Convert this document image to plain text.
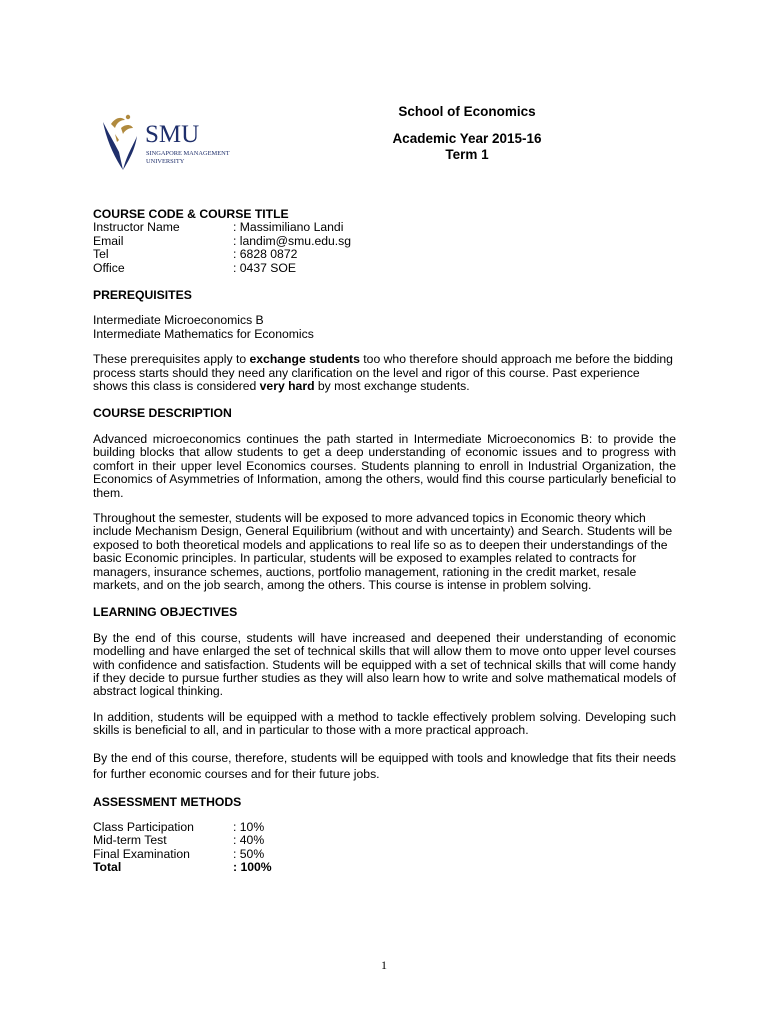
SMU
SINGAPORE MANAGEMENT
UNIVERSITY
School of Economics
Academic Year 2015-16
Term 1
COURSE CODE & COURSE TITLE
Instructor Name	: Massimiliano Landi
Email	: landim@smu.edu.sg
Tel	: 6828 0872
Office	: 0437 SOE
PREREQUISITES

Intermediate Microeconomics B

Intermediate Mathematics for Economics

These prerequisites apply to exchange students too who therefore should approach me before the bidding process starts should they need any clarification on the level and rigor of this course. Past experience shows this class is considered very hard by most exchange students.

COURSE DESCRIPTION

Advanced microeconomics continues the path started in Intermediate Microeconomics B: to provide the building blocks that allow students to get a deep understanding of economic issues and to progress with comfort in their upper level Economics courses. Students planning to enroll in Industrial Organization, the Economics of Asymmetries of Information, among the others, would find this course particularly beneficial to them.

Throughout the semester, students will be exposed to more advanced topics in Economic theory which include Mechanism Design, General Equilibrium (without and with uncertainty) and Search. Students will be exposed to both theoretical models and applications to real life so as to deepen their understandings of the basic Economic principles. In particular, students will be exposed to examples related to contracts for managers, insurance schemes, auctions, portfolio management, rationing in the credit market, resale markets, and on the job search, among the others. This course is intense in problem solving.

LEARNING OBJECTIVES

By the end of this course, students will have increased and deepened their understanding of economic modelling and have enlarged the set of technical skills that will allow them to move onto upper level courses with confidence and satisfaction. Students will be equipped with a set of technical skills that will come handy if they decide to pursue further studies as they will also learn how to write and solve mathematical models of abstract logical thinking.

In addition, students will be equipped with a method to tackle effectively problem solving. Developing such skills is beneficial to all, and in particular to those with a more practical approach.

By the end of this course, therefore, students will be equipped with tools and knowledge that fits their needs for further economic courses and for their future jobs.

ASSESSMENT METHODS
Class Participation	: 10%
Mid-term Test	: 40%
Final Examination	: 50%
Total	: 100%
1
